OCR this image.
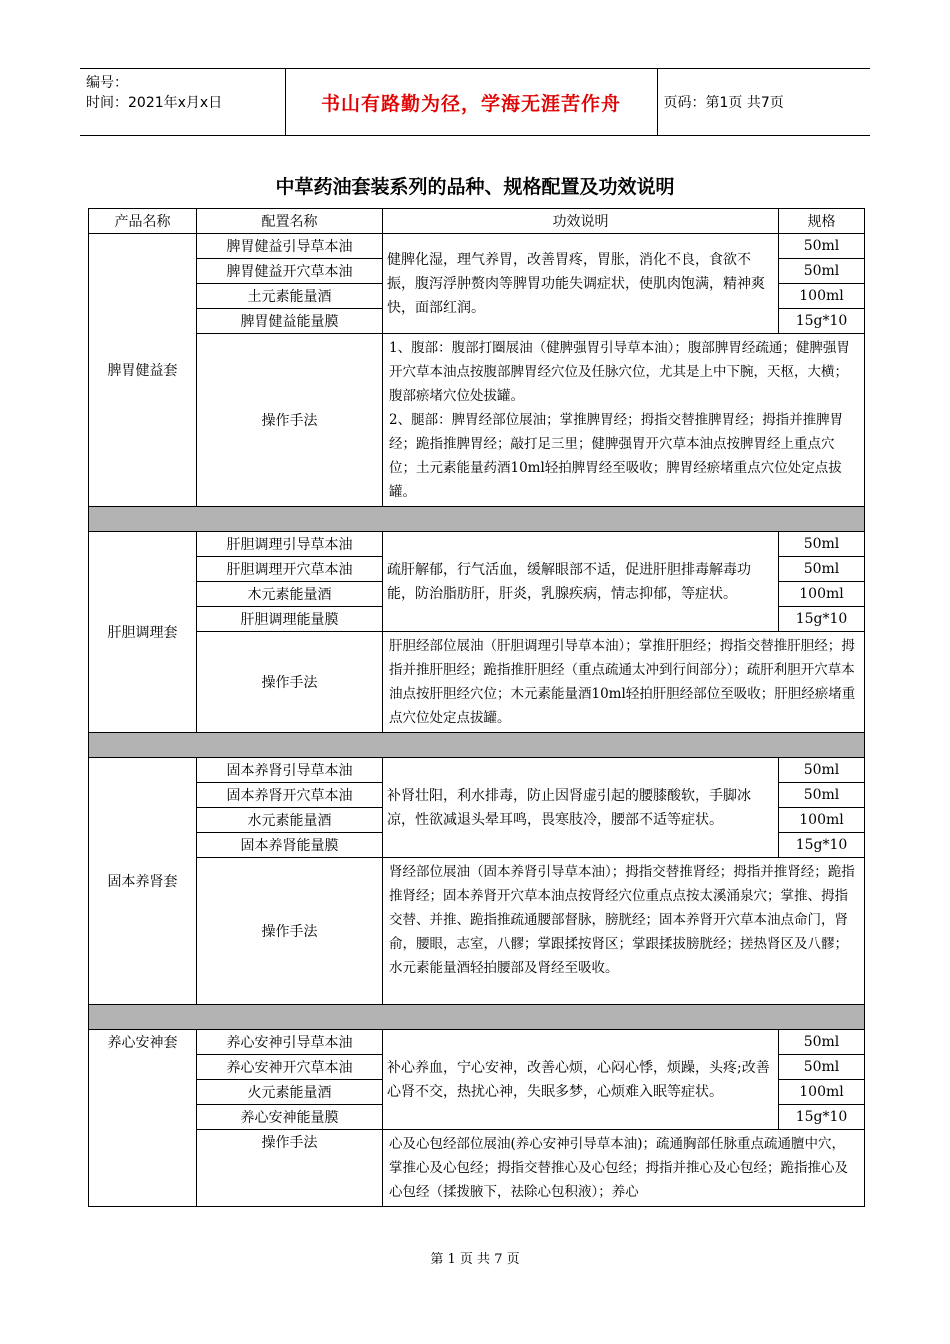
编号：
时间：2021年x月x日	书山有路勤为径，学海无涯苦作舟	页码：第1页 共7页
中草药油套装系列的品种、规格配置及功效说明
产品名称	配置名称	功效说明	规格
脾胃健益套	脾胃健益引导草本油	健脾化湿，理气养胃，改善胃疼，胃胀，消化不良，食欲不振，腹泻浮肿赘肉等脾胃功能失调症状，使肌肉饱满，精神爽快，面部红润。	50ml
	脾胃健益开穴草本油		50ml
	土元素能量酒		100ml
	脾胃健益能量膜		15g*10
	操作手法	1、腹部：腹部打圈展油（健脾强胃引导草本油）；腹部脾胃经疏通；健脾强胃开穴草本油点按腹部脾胃经穴位及任脉穴位，尤其是上中下腕，天枢，大横；腹部瘀堵穴位处拔罐。
2、腿部：脾胃经部位展油；掌推脾胃经；拇指交替推脾胃经；拇指并推脾胃经；跪指推脾胃经；敲打足三里；健脾强胃开穴草本油点按脾胃经上重点穴位；土元素能量药酒10ml轻拍脾胃经至吸收；脾胃经瘀堵重点穴位处定点拔罐。	

肝胆调理套	肝胆调理引导草本油	疏肝解郁，行气活血，缓解眼部不适，促进肝胆排毒解毒功能，防治脂肪肝，肝炎，乳腺疾病，情志抑郁，等症状。	50ml
	肝胆调理开穴草本油		50ml
	木元素能量酒		100ml
	肝胆调理能量膜		15g*10
	操作手法	肝胆经部位展油（肝胆调理引导草本油）；掌推肝胆经；拇指交替推肝胆经；拇指并推肝胆经；跪指推肝胆经（重点疏通太冲到行间部分）；疏肝利胆开穴草本油点按肝胆经穴位；木元素能量酒10ml轻拍肝胆经部位至吸收；肝胆经瘀堵重点穴位处定点拔罐。	

固本养肾套	固本养肾引导草本油	补肾壮阳，利水排毒，防止因肾虚引起的腰膝酸软，手脚冰凉，性欲减退头晕耳鸣，畏寒肢冷，腰部不适等症状。	50ml
	固本养肾开穴草本油		50ml
	水元素能量酒		100ml
	固本养肾能量膜		15g*10
	操作手法	肾经部位展油（固本养肾引导草本油）；拇指交替推肾经；拇指并推肾经；跪指推肾经；固本养肾开穴草本油点按肾经穴位重点点按太溪涌泉穴；掌推、拇指交替、并推、跪指推疏通腰部督脉，膀胱经；固本养肾开穴草本油点命门，肾俞，腰眼，志室，八髎；掌跟揉按肾区；掌跟揉拔膀胱经；搓热肾区及八髎；水元素能量酒轻拍腰部及肾经至吸收。	

养心安神套	养心安神引导草本油	补心养血，宁心安神，改善心烦，心闷心悸，烦躁，头疼;改善心肾不交，热扰心神，失眠多梦，心烦难入眠等症状。	50ml
	养心安神开穴草本油		50ml
	火元素能量酒		100ml
	养心安神能量膜		15g*10
	操作手法	心及心包经部位展油(养心安神引导草本油)；疏通胸部任脉重点疏通膻中穴，掌推心及心包经；拇指交替推心及心包经；拇指并推心及心包经；跪指推心及心包经（揉拨腋下，祛除心包积液）；养心	
第 1 页 共 7 页
